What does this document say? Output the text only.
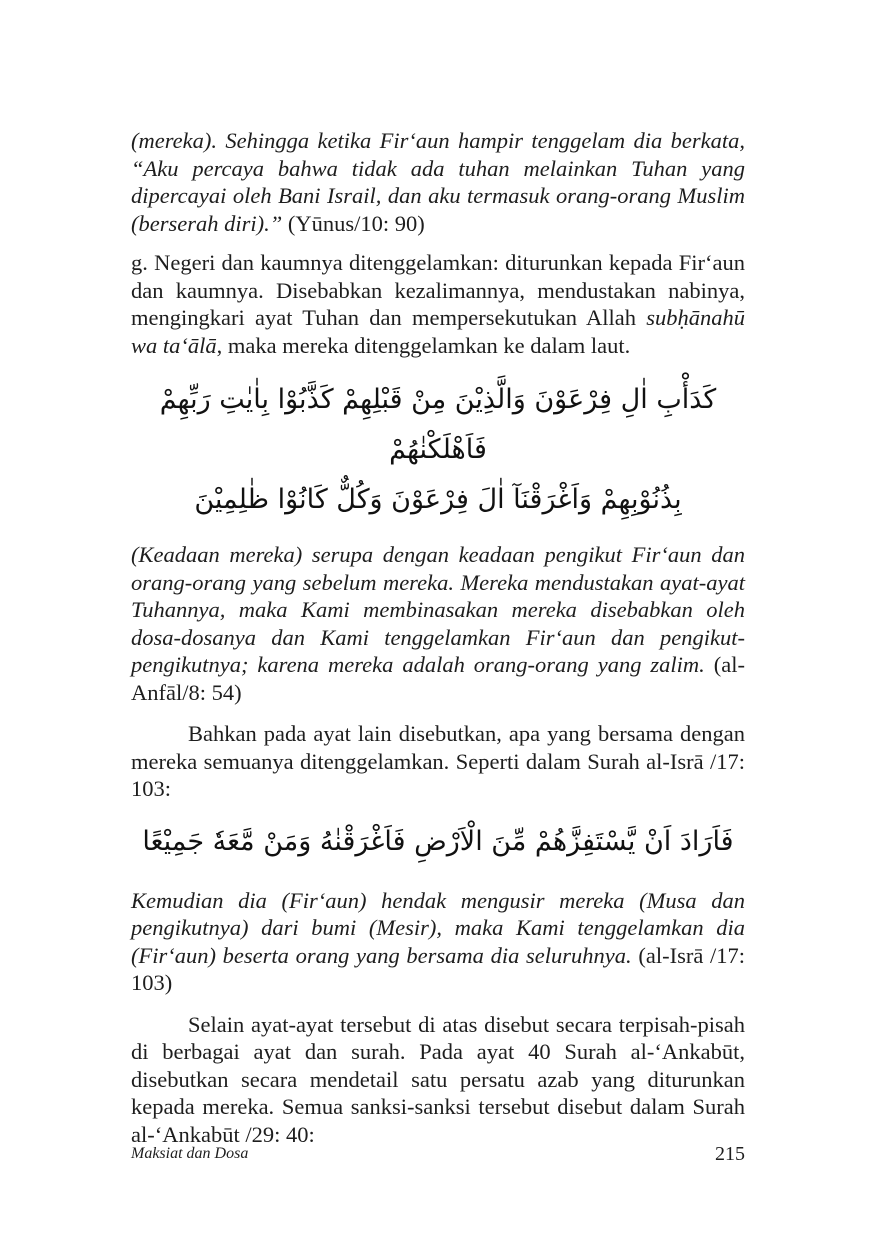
(mereka). Sehingga ketika Fir‘aun hampir tenggelam dia berkata, “Aku percaya bahwa tidak ada tuhan melainkan Tuhan yang dipercayai oleh Bani Israil, dan aku termasuk orang-orang Muslim (berserah diri).” (Yūnus/10: 90)

g. Negeri dan kaumnya ditenggelamkan: diturunkan kepada Fir‘aun dan kaumnya. Disebabkan kezalimannya, mendustakan nabinya, mengingkari ayat Tuhan dan mempersekutukan Allah subḥānahū wa ta‘ālā, maka mereka ditenggelamkan ke dalam laut.

كَدَأْبِ اٰلِ فِرْعَوْنَ وَالَّذِيْنَ مِنْ قَبْلِهِمْ كَذَّبُوْا بِاٰيٰتِ رَبِّهِمْ فَاَهْلَكْنٰهُمْ
بِذُنُوْبِهِمْ وَاَغْرَقْنَآ اٰلَ فِرْعَوْنَ وَكُلٌّ كَانُوْا ظٰلِمِيْنَ

(Keadaan mereka) serupa dengan keadaan pengikut Fir‘aun dan orang-orang yang sebelum mereka. Mereka mendustakan ayat-ayat Tuhannya, maka Kami membinasakan mereka disebabkan oleh dosa-dosanya dan Kami tenggelamkan Fir‘aun dan pengikut-pengikutnya; karena mereka adalah orang-orang yang zalim. (al-Anfāl/8: 54)

Bahkan pada ayat lain disebutkan, apa yang bersama dengan mereka semuanya ditenggelamkan. Seperti dalam Surah al-Isrā /17: 103:

فَاَرَادَ اَنْ يَّسْتَفِزَّهُمْ مِّنَ الْاَرْضِ فَاَغْرَقْنٰهُ وَمَنْ مَّعَهٗ جَمِيْعًا

Kemudian dia (Fir‘aun) hendak mengusir mereka (Musa dan pengikutnya) dari bumi (Mesir), maka Kami tenggelamkan dia (Fir‘aun) beserta orang yang bersama dia seluruhnya. (al-Isrā /17: 103)

Selain ayat-ayat tersebut di atas disebut secara terpisah-pisah di berbagai ayat dan surah. Pada ayat 40 Surah al-‘Ankabūt, disebutkan secara mendetail satu persatu azab yang diturunkan kepada mereka. Semua sanksi-sanksi tersebut disebut dalam Surah al-‘Ankabūt /29: 40:

Maksiat dan Dosa	215
